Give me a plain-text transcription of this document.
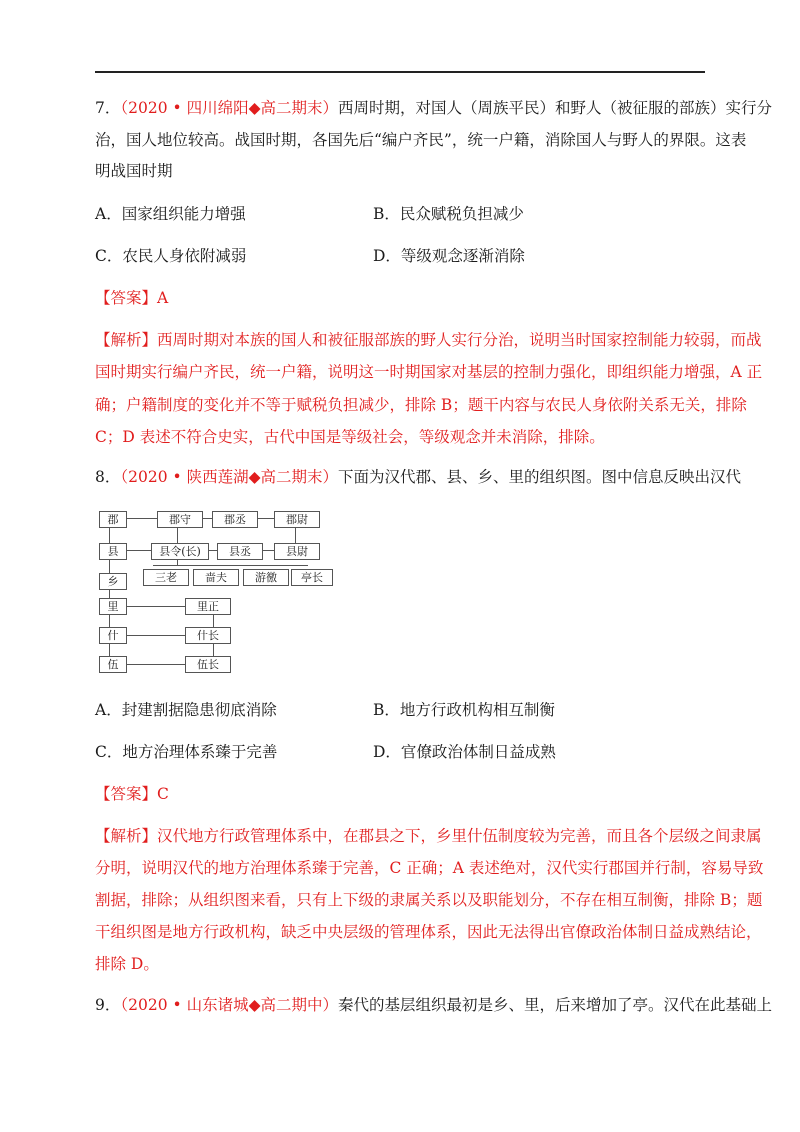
7．（2020 • 四川绵阳◆高二期末）西周时期，对国人（周族平民）和野人（被征服的部族）实行分
治，国人地位较高。战国时期，各国先后“编户齐民”，统一户籍，消除国人与野人的界限。这表
明战国时期
A．国家组织能力增强	B．民众赋税负担减少
C．农民人身依附减弱	D．等级观念逐渐消除
【答案】A
【解析】西周时期对本族的国人和被征服部族的野人实行分治，说明当时国家控制能力较弱，而战
国时期实行编户齐民，统一户籍，说明这一时期国家对基层的控制力强化，即组织能力增强，A 正
确；户籍制度的变化并不等于赋税负担减少，排除 B；题干内容与农民人身依附关系无关，排除
C；D 表述不符合史实，古代中国是等级社会，等级观念并未消除，排除。
8．（2020 • 陕西莲湖◆高二期末）下面为汉代郡、县、乡、里的组织图。图中信息反映出汉代
郡	郡守	郡丞	郡尉
县	县令(长)	县丞	县尉
乡	三老	啬夫	游徼	亭长
里	里正
什	什长
伍	伍长
A．封建割据隐患彻底消除	B．地方行政机构相互制衡
C．地方治理体系臻于完善	D．官僚政治体制日益成熟
【答案】C
【解析】汉代地方行政管理体系中，在郡县之下，乡里什伍制度较为完善，而且各个层级之间隶属
分明，说明汉代的地方治理体系臻于完善，C 正确；A 表述绝对，汉代实行郡国并行制，容易导致
割据，排除；从组织图来看，只有上下级的隶属关系以及职能划分，不存在相互制衡，排除 B；题
干组织图是地方行政机构，缺乏中央层级的管理体系，因此无法得出官僚政治体制日益成熟结论，
排除 D。
9．（2020 • 山东诸城◆高二期中）秦代的基层组织最初是乡、里，后来增加了亭。汉代在此基础上
